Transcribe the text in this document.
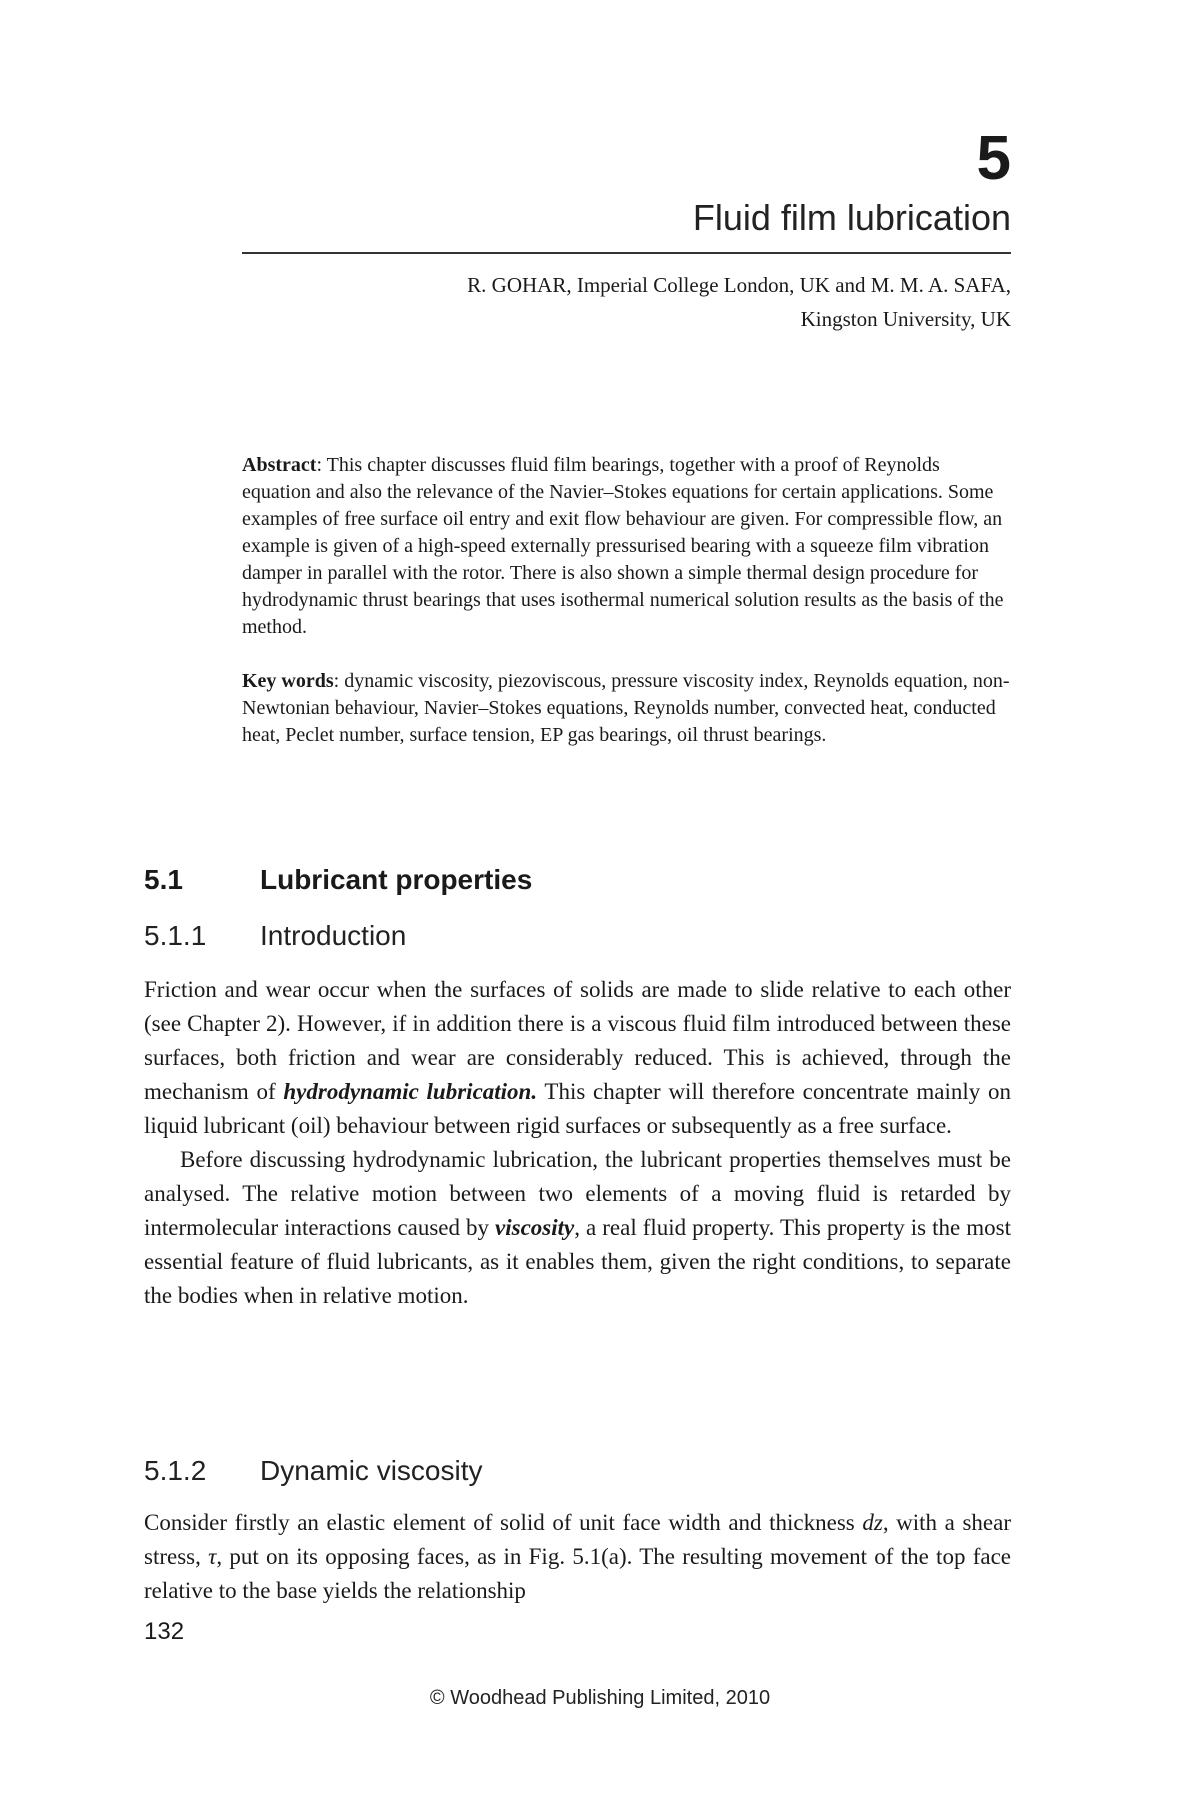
5
Fluid film lubrication
R. GOHAR, Imperial College London, UK and M. M. A. SAFA,
Kingston University, UK

Abstract: This chapter discusses fluid film bearings, together with a proof of Reynolds equation and also the relevance of the Navier–Stokes equations for certain applications. Some examples of free surface oil entry and exit flow behaviour are given. For compressible flow, an example is given of a high-speed externally pressurised bearing with a squeeze film vibration damper in parallel with the rotor. There is also shown a simple thermal design procedure for hydrodynamic thrust bearings that uses isothermal numerical solution results as the basis of the method.

Key words: dynamic viscosity, piezoviscous, pressure viscosity index, Reynolds equation, non-Newtonian behaviour, Navier–Stokes equations, Reynolds number, convected heat, conducted heat, Peclet number, surface tension, EP gas bearings, oil thrust bearings.

5.1	Lubricant properties
5.1.1 Introduction

Friction and wear occur when the surfaces of solids are made to slide relative to each other (see Chapter 2). However, if in addition there is a viscous fluid film introduced between these surfaces, both friction and wear are considerably reduced. This is achieved, through the mechanism of hydrodynamic lubrication. This chapter will therefore concentrate mainly on liquid lubricant (oil) behaviour between rigid surfaces or subsequently as a free surface.

Before discussing hydrodynamic lubrication, the lubricant properties themselves must be analysed. The relative motion between two elements of a moving fluid is retarded by intermolecular interactions caused by viscosity, a real fluid property. This property is the most essential feature of fluid lubricants, as it enables them, given the right conditions, to separate the bodies when in relative motion.

5.1.2 Dynamic viscosity

Consider firstly an elastic element of solid of unit face width and thickness dz, with a shear stress, τ, put on its opposing faces, as in Fig. 5.1(a). The resulting movement of the top face relative to the base yields the relationship

132
© Woodhead Publishing Limited, 2010
